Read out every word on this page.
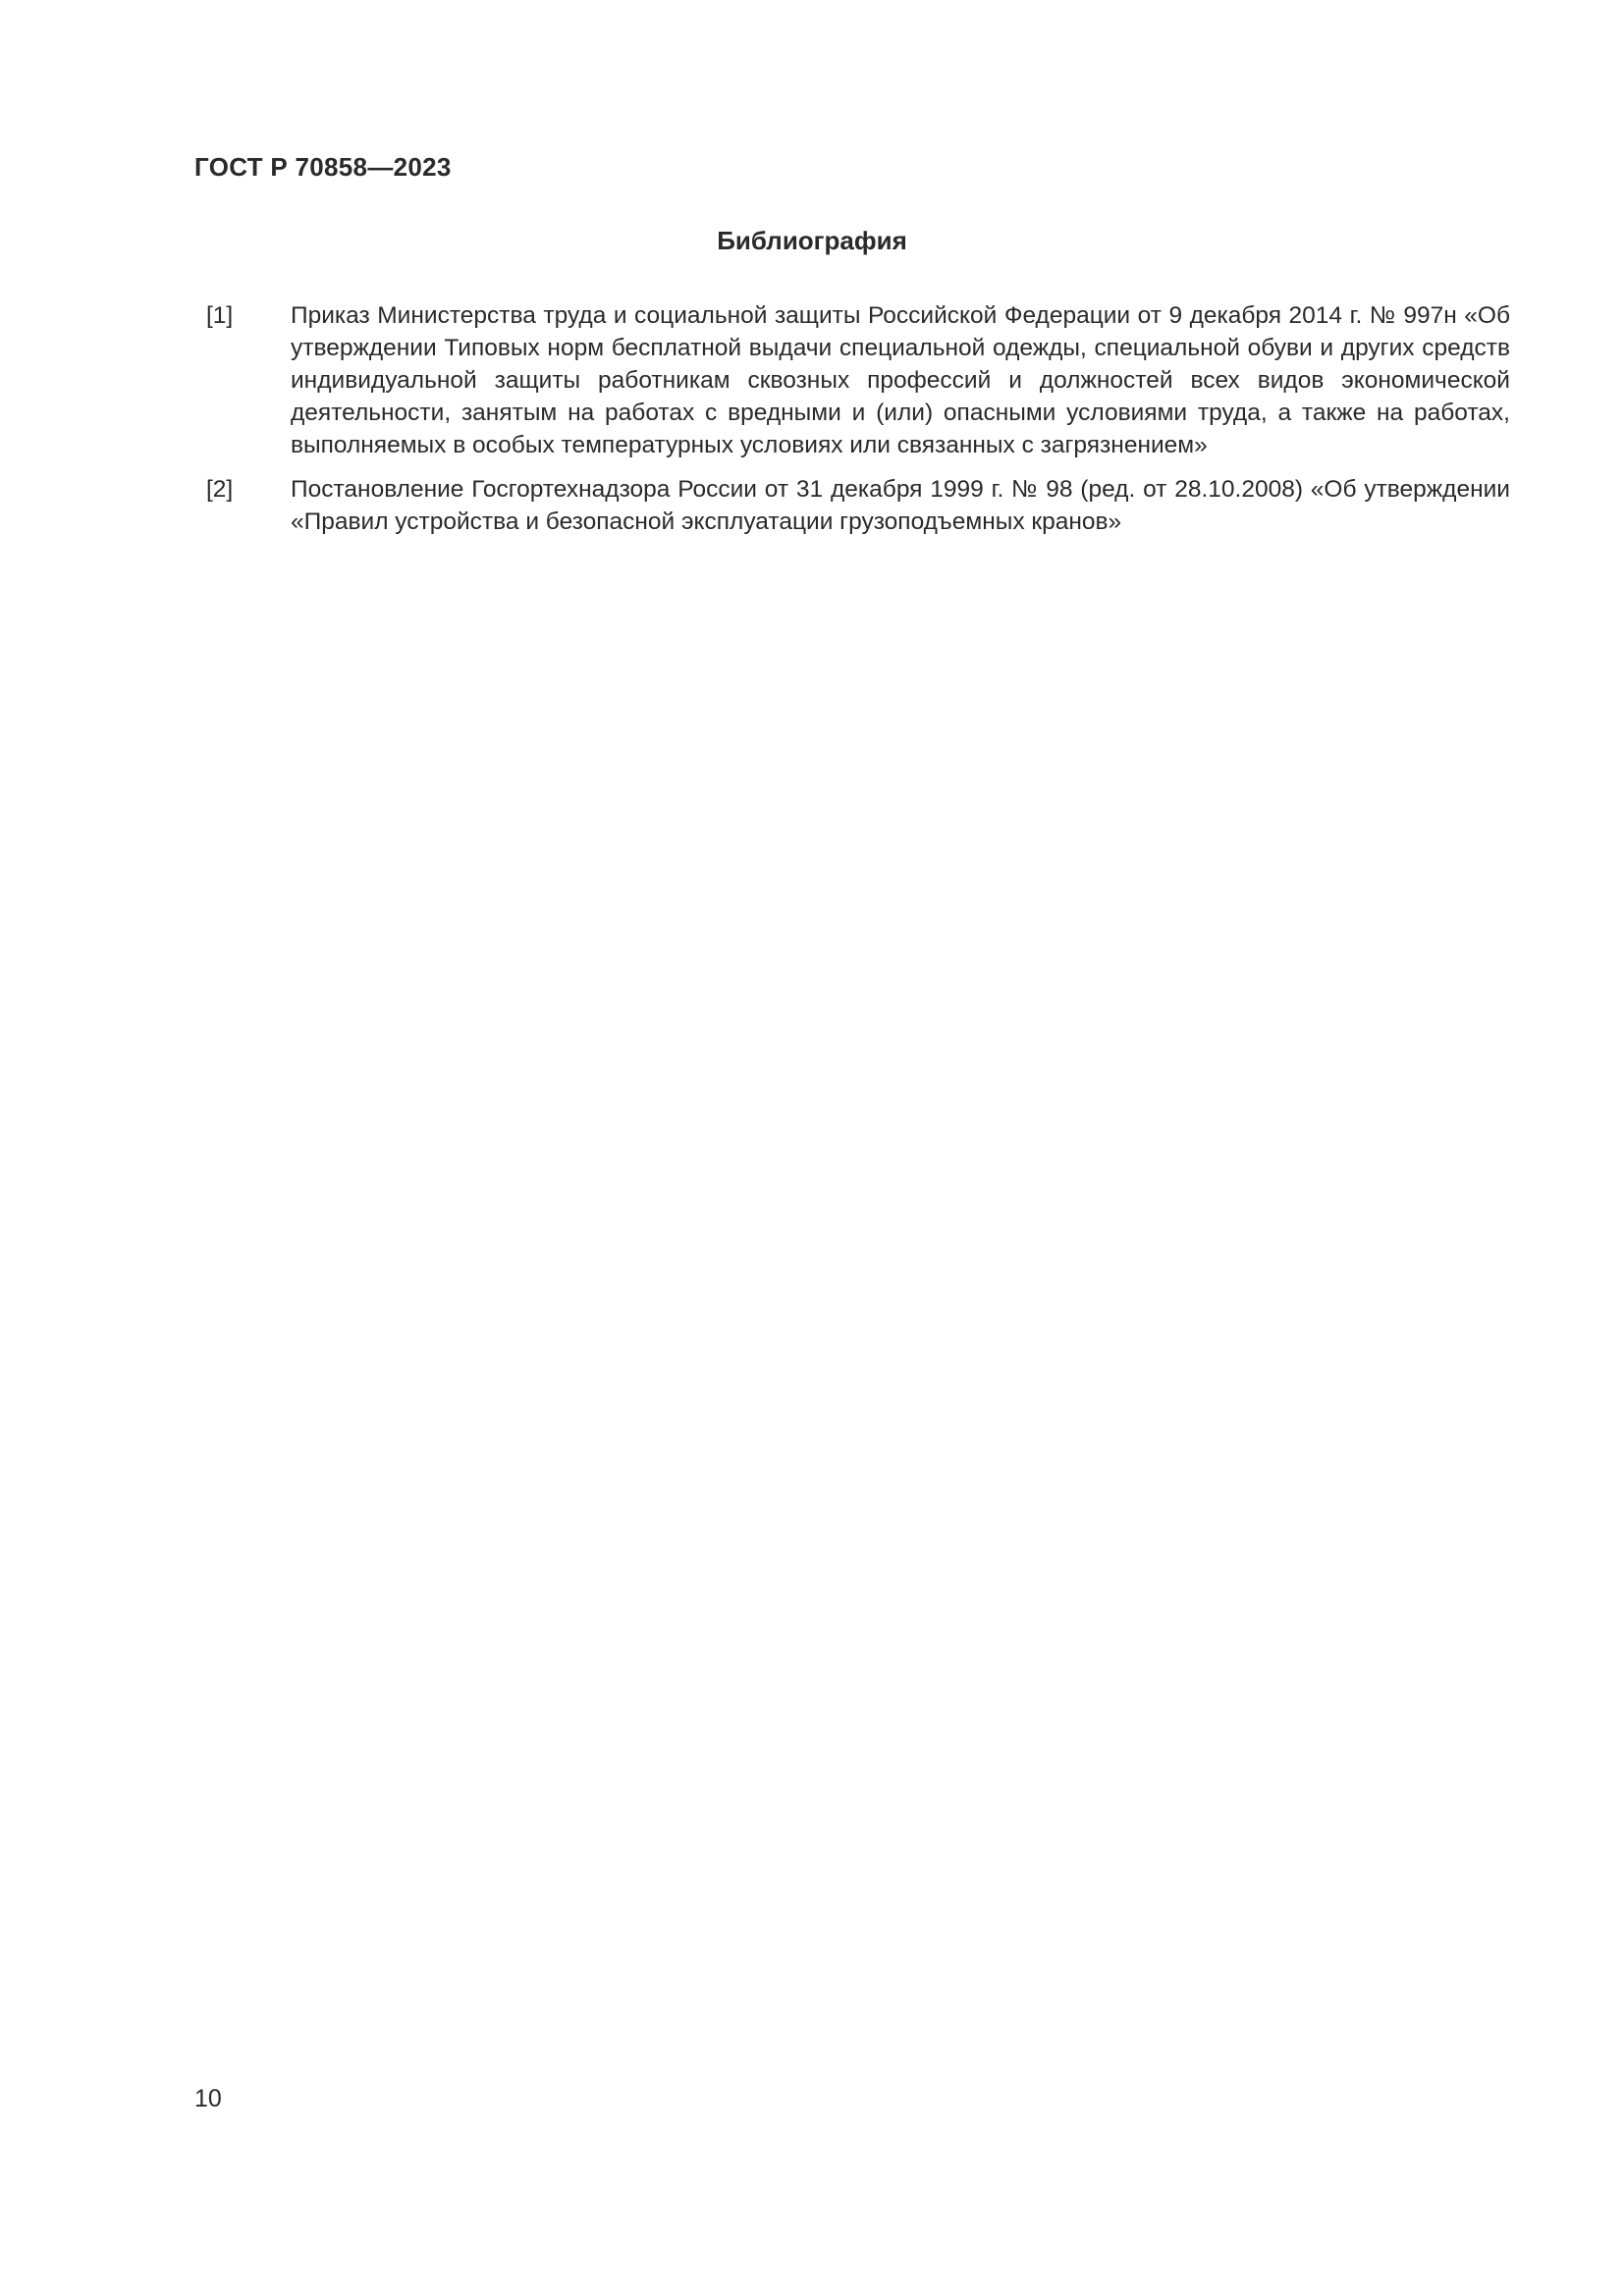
ГОСТ Р 70858—2023

Библиография
[1]	Приказ Министерства труда и социальной защиты Российской Федерации от 9 декабря 2014 г. № 997н «Об утверждении Типовых норм бесплатной выдачи специальной одежды, специальной обуви и других средств индивидуальной защиты работникам сквозных профессий и должностей всех видов экономической деятельности, занятым на работах с вредными и (или) опасными условиями труда, а также на работах, выполняемых в особых температурных условиях или связанных с загрязнением»
[2]	Постановление Госгортехнадзора России от 31 декабря 1999 г. № 98 (ред. от 28.10.2008) «Об утверждении «Правил устройства и безопасной эксплуатации грузоподъемных кранов»

10
